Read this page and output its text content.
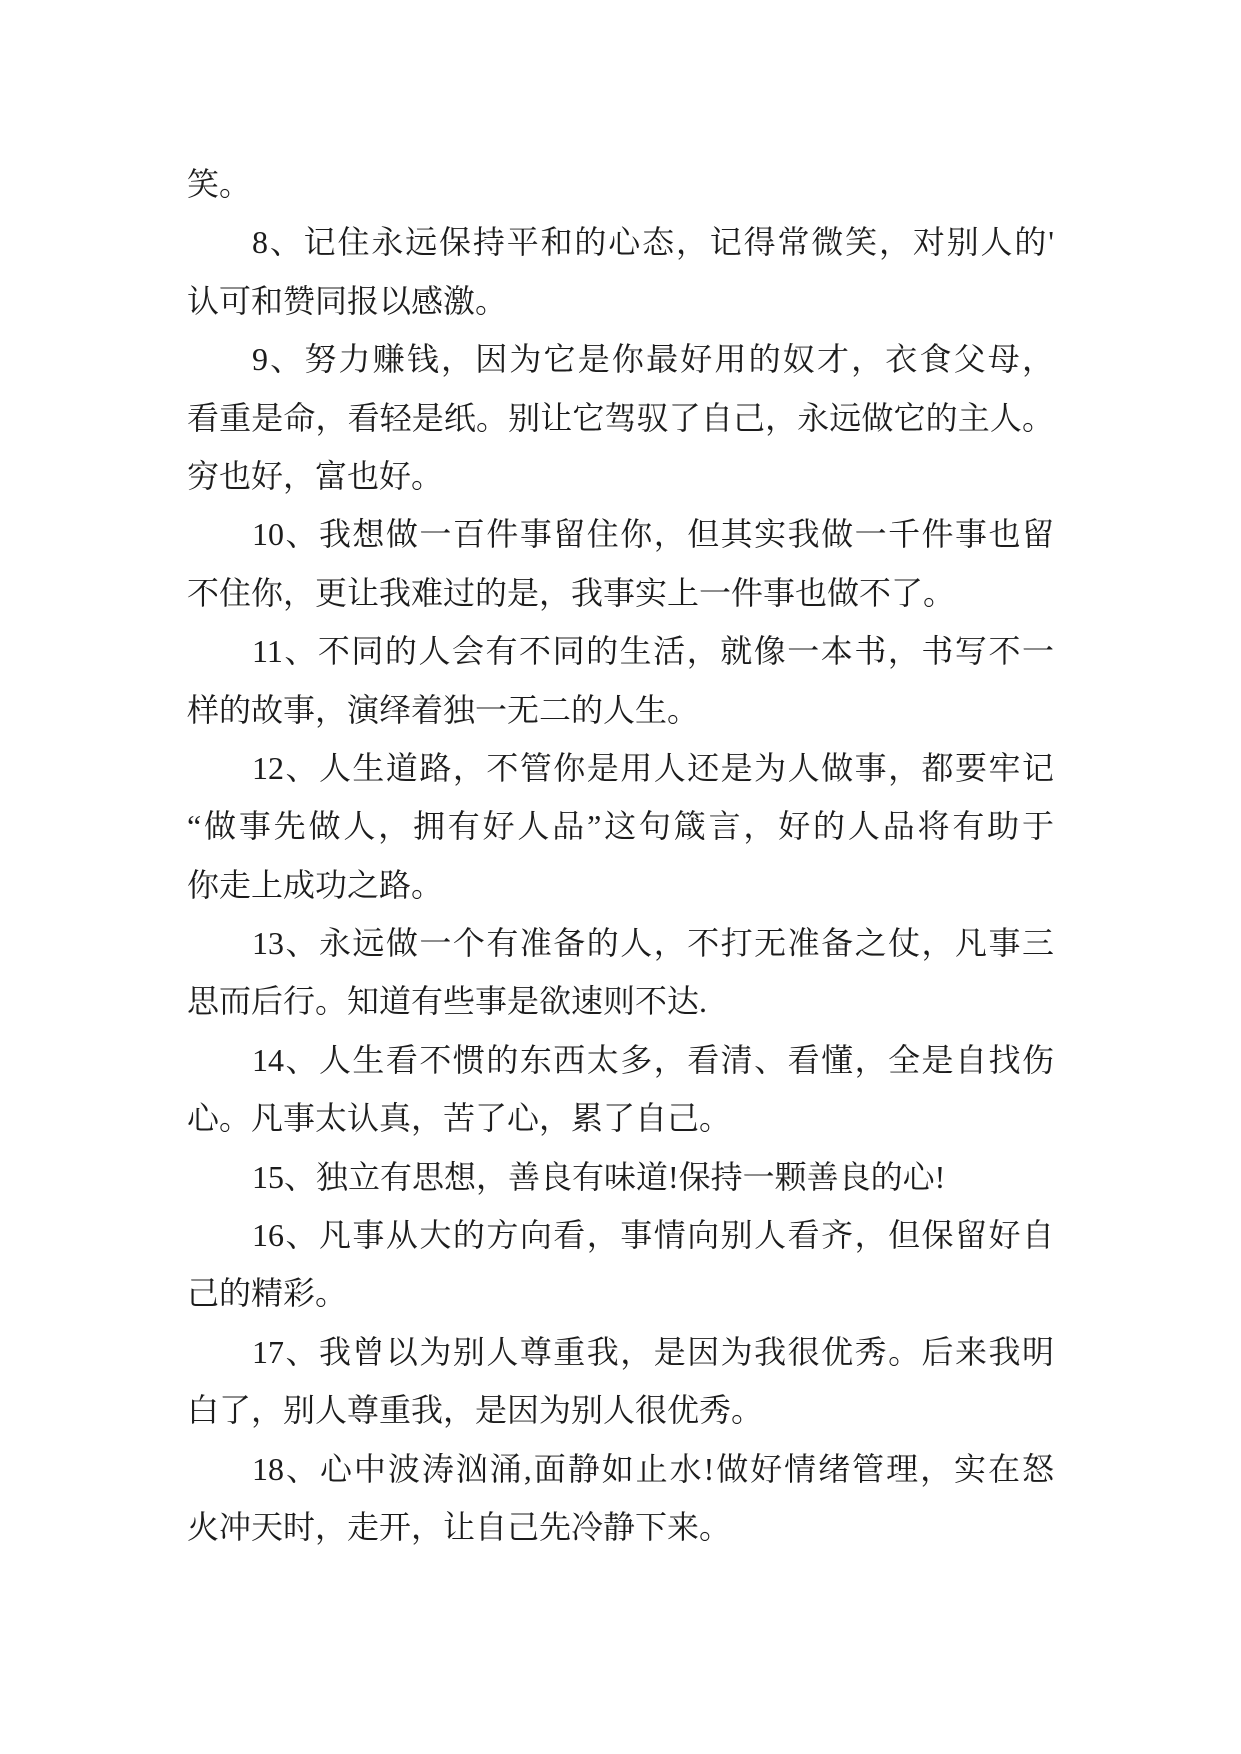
笑。
8、记住永远保持平和的心态，记得常微笑，对别人的'
认可和赞同报以感激。
9、努力赚钱，因为它是你最好用的奴才，衣食父母，
看重是命，看轻是纸。别让它驾驭了自己，永远做它的主人。
穷也好，富也好。
10、我想做一百件事留住你，但其实我做一千件事也留
不住你，更让我难过的是，我事实上一件事也做不了。
11、不同的人会有不同的生活，就像一本书，书写不一
样的故事，演绎着独一无二的人生。
12、人生道路，不管你是用人还是为人做事，都要牢记
“做事先做人，拥有好人品”这句箴言，好的人品将有助于
你走上成功之路。
13、永远做一个有准备的人，不打无准备之仗，凡事三
思而后行。知道有些事是欲速则不达.
14、人生看不惯的东西太多，看清、看懂，全是自找伤
心。凡事太认真，苦了心，累了自己。
15、独立有思想，善良有味道!保持一颗善良的心!
16、凡事从大的方向看，事情向别人看齐，但保留好自
己的精彩。
17、我曾以为别人尊重我，是因为我很优秀。后来我明
白了，别人尊重我，是因为别人很优秀。
18、心中波涛汹涌,面静如止水!做好情绪管理，实在怒
火冲天时，走开，让自己先冷静下来。
